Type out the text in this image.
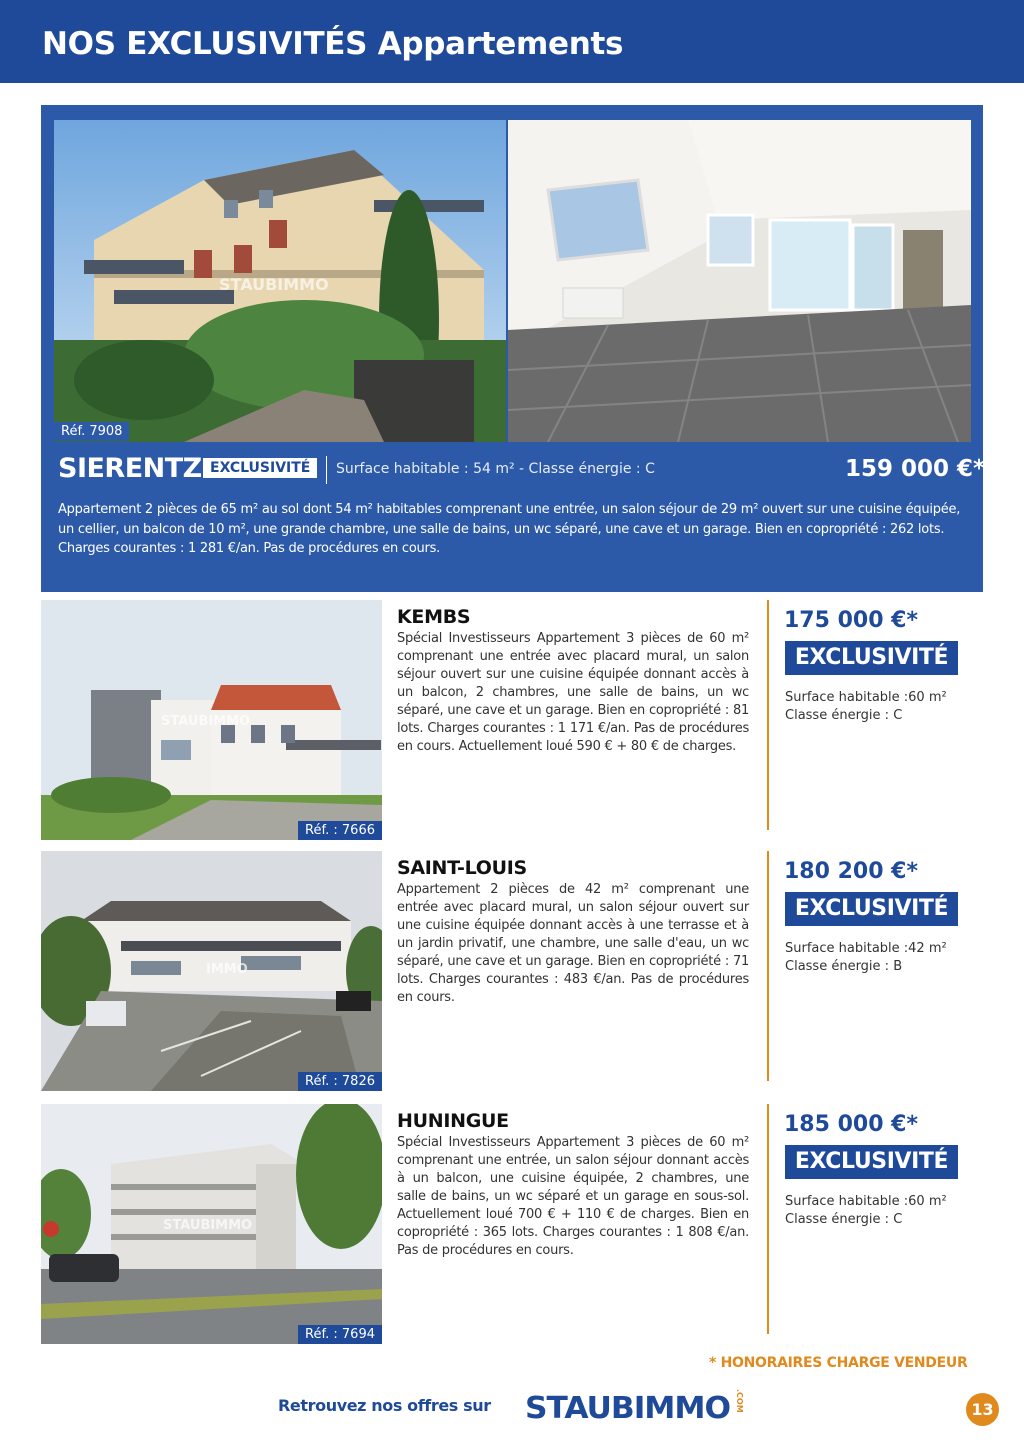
NOS EXCLUSIVITÉS Appartements
STAUBIMMO
Réf. 7908
SIERENTZ EXCLUSIVITÉ	Surface habitable : 54 m² - Classe énergie : C	159 000 €*
Appartement 2 pièces de 65 m² au sol dont 54 m² habitables comprenant une entrée, un salon séjour de 29 m² ouvert sur une cuisine équipée, un cellier, un balcon de 10 m², une grande chambre, une salle de bains, un wc séparé, une cave et un garage. Bien en copropriété : 262 lots. Charges courantes : 1 281 €/an. Pas de procédures en cours.
STAUBIMMO
Réf. : 7666
KEMBS
Spécial Investisseurs Appartement 3 pièces de 60 m² comprenant une entrée avec placard mural, un salon séjour ouvert sur une cuisine équipée donnant accès à un balcon, 2 chambres, une salle de bains, un wc séparé, une cave et un garage. Bien en copropriété : 81 lots. Charges courantes : 1 171 €/an. Pas de procédures en cours. Actuellement loué 590 € + 80 € de charges.
175 000 €*
EXCLUSIVITÉ
Surface habitable :60 m²
Classe énergie : C
IMMO
Réf. : 7826
SAINT-LOUIS
Appartement 2 pièces de 42 m² comprenant une entrée avec placard mural, un salon séjour ouvert sur une cuisine équipée donnant accès à une terrasse et à un jardin privatif, une chambre, une salle d'eau, un wc séparé, une cave et un garage. Bien en copropriété : 71 lots. Charges courantes : 483 €/an. Pas de procédures en cours.
180 200 €*
EXCLUSIVITÉ
Surface habitable :42 m²
Classe énergie : B
STAUBIMMO
Réf. : 7694
HUNINGUE
Spécial Investisseurs Appartement 3 pièces de 60 m² comprenant une entrée, un salon séjour donnant accès à un balcon, une cuisine équipée, 2 chambres, une salle de bains, un wc séparé et un garage en sous-sol. Actuellement loué 700 € + 110 € de charges. Bien en copropriété : 365 lots. Charges courantes : 1 808 €/an. Pas de procédures en cours.
185 000 €*
EXCLUSIVITÉ
Surface habitable :60 m²
Classe énergie : C
* HONORAIRES CHARGE VENDEUR
Retrouvez nos offres sur STAUBIMMO .COM	13
